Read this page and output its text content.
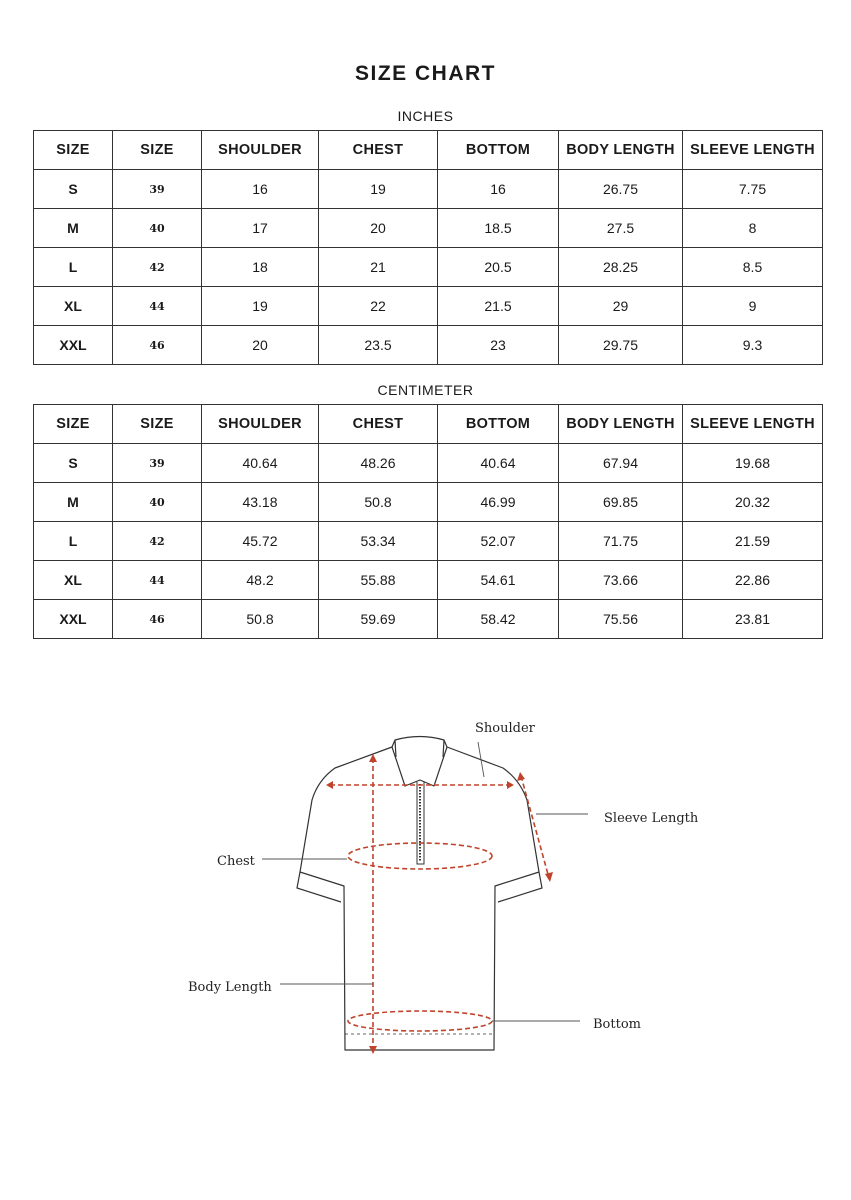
SIZE CHART
INCHES
SIZE	SIZE	SHOULDER	CHEST	BOTTOM	BODY LENGTH	SLEEVE LENGTH
S	39	16	19	16	26.75	7.75
M	40	17	20	18.5	27.5	8
L	42	18	21	20.5	28.25	8.5
XL	44	19	22	21.5	29	9
XXL	46	20	23.5	23	29.75	9.3
CENTIMETER
SIZE	SIZE	SHOULDER	CHEST	BOTTOM	BODY LENGTH	SLEEVE LENGTH
S	39	40.64	48.26	40.64	67.94	19.68
M	40	43.18	50.8	46.99	69.85	20.32
L	42	45.72	53.34	52.07	71.75	21.59
XL	44	48.2	55.88	54.61	73.66	22.86
XXL	46	50.8	59.69	58.42	75.56	23.81
Shoulder
Sleeve Length
Chest
Body Length
Bottom
